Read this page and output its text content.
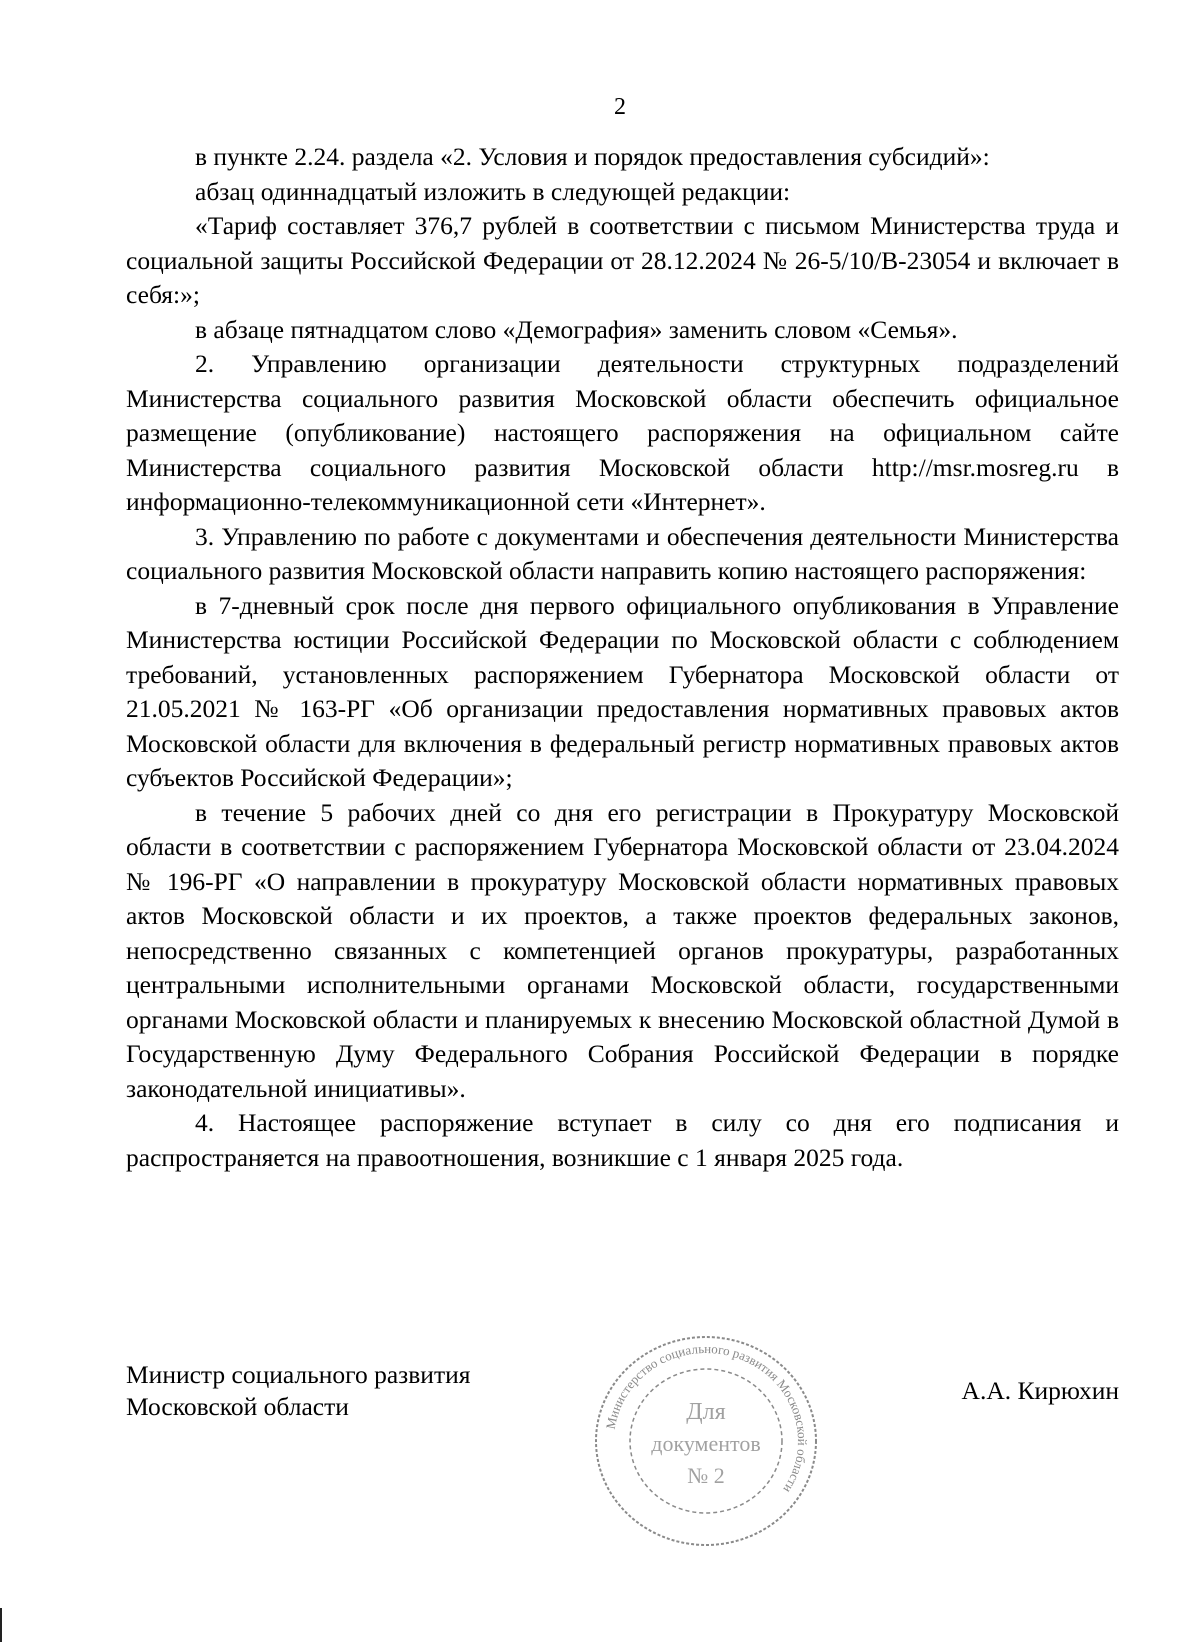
2

в пункте 2.24. раздела «2. Условия и порядок предоставления субсидий»:

абзац одиннадцатый изложить в следующей редакции:

«Тариф составляет 376,7 рублей в соответствии с письмом Министерства труда и социальной защиты Российской Федерации от 28.12.2024 № 26-5/10/В-23054 и включает в себя:»;

в абзаце пятнадцатом слово «Демография» заменить словом «Семья».

2. Управлению организации деятельности структурных подразделений Министерства социального развития Московской области обеспечить официальное размещение (опубликование) настоящего распоряжения на официальном сайте Министерства социального развития Московской области http://msr.mosreg.ru в информационно-телекоммуникационной сети «Интернет».

3. Управлению по работе с документами и обеспечения деятельности Министерства социального развития Московской области направить копию настоящего распоряжения:

в 7-дневный срок после дня первого официального опубликования в Управление Министерства юстиции Российской Федерации по Московской области с соблюдением требований, установленных распоряжением Губернатора Московской области от 21.05.2021 № 163-РГ «Об организации предоставления нормативных правовых актов Московской области для включения в федеральный регистр нормативных правовых актов субъектов Российской Федерации»;

в течение 5 рабочих дней со дня его регистрации в Прокуратуру Московской области в соответствии с распоряжением Губернатора Московской области от 23.04.2024 № 196-РГ «О направлении в прокуратуру Московской области нормативных правовых актов Московской области и их проектов, а также проектов федеральных законов, непосредственно связанных с компетенцией органов прокуратуры, разработанных центральными исполнительными органами Московской области, государственными органами Московской области и планируемых к внесению Московской областной Думой в Государственную Думу Федерального Собрания Российской Федерации в порядке законодательной инициативы».

4. Настоящее распоряжение вступает в силу со дня его подписания и распространяется на правоотношения, возникшие с 1 января 2025 года.

Министр социального развития
Московской области
А.А. Кирюхин
Министерство социального развития Московской области
Для
документов
№ 2
